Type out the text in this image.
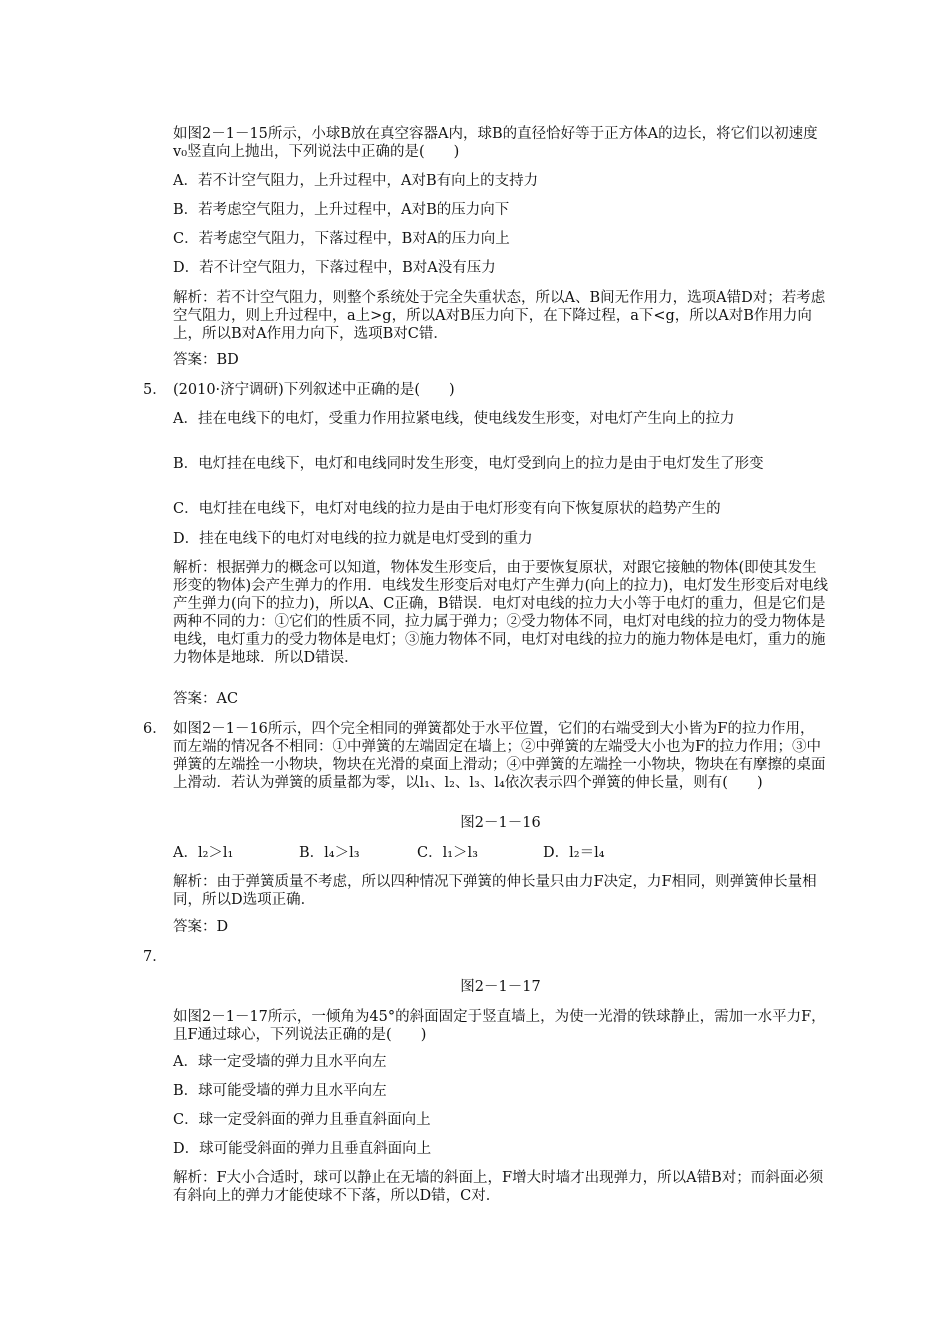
如图2－1－15所示，小球B放在真空容器A内，球B的直径恰好等于正方体A的边长，将它们以初速度v₀竖直向上抛出，下列说法中正确的是(　　)

A．若不计空气阻力，上升过程中，A对B有向上的支持力

B．若考虑空气阻力，上升过程中，A对B的压力向下

C．若考虑空气阻力，下落过程中，B对A的压力向上

D．若不计空气阻力，下落过程中，B对A没有压力

解析：若不计空气阻力，则整个系统处于完全失重状态，所以A、B间无作用力，选项A错D对；若考虑空气阻力，则上升过程中，a上>g，所以A对B压力向下，在下降过程，a下<g，所以A对B作用力向上，所以B对A作用力向下，选项B对C错．

答案：BD

5． (2010·济宁调研)下列叙述中正确的是(　　)

A．挂在电线下的电灯，受重力作用拉紧电线，使电线发生形变，对电灯产生向上的拉力

B．电灯挂在电线下，电灯和电线同时发生形变，电灯受到向上的拉力是由于电灯发生了形变

C．电灯挂在电线下，电灯对电线的拉力是由于电灯形变有向下恢复原状的趋势产生的

D．挂在电线下的电灯对电线的拉力就是电灯受到的重力

解析：根据弹力的概念可以知道，物体发生形变后，由于要恢复原状，对跟它接触的物体(即使其发生形变的物体)会产生弹力的作用．电线发生形变后对电灯产生弹力(向上的拉力)，电灯发生形变后对电线产生弹力(向下的拉力)，所以A、C正确，B错误．电灯对电线的拉力大小等于电灯的重力，但是它们是两种不同的力：①它们的性质不同，拉力属于弹力；②受力物体不同，电灯对电线的拉力的受力物体是电线，电灯重力的受力物体是电灯；③施力物体不同，电灯对电线的拉力的施力物体是电灯，重力的施力物体是地球．所以D错误．

答案：AC

6． 如图2－1－16所示，四个完全相同的弹簧都处于水平位置，它们的右端受到大小皆为F的拉力作用，而左端的情况各不相同：①中弹簧的左端固定在墙上；②中弹簧的左端受大小也为F的拉力作用；③中弹簧的左端拴一小物块，物块在光滑的桌面上滑动；④中弹簧的左端拴一小物块，物块在有摩擦的桌面上滑动．若认为弹簧的质量都为零，以l₁、l₂、l₃、l₄依次表示四个弹簧的伸长量，则有(　　)

图2－1－16

A．l₂＞l₁	B．l₄＞l₃	C．l₁＞l₃	D．l₂＝l₄

解析：由于弹簧质量不考虑，所以四种情况下弹簧的伸长量只由力F决定，力F相同，则弹簧伸长量相同，所以D选项正确．

答案：D

7．

图2－1－17

如图2－1－17所示，一倾角为45°的斜面固定于竖直墙上，为使一光滑的铁球静止，需加一水平力F，且F通过球心，下列说法正确的是(　　)

A．球一定受墙的弹力且水平向左

B．球可能受墙的弹力且水平向左

C．球一定受斜面的弹力且垂直斜面向上

D．球可能受斜面的弹力且垂直斜面向上

解析：F大小合适时，球可以静止在无墙的斜面上，F增大时墙才出现弹力，所以A错B对；而斜面必须有斜向上的弹力才能使球不下落，所以D错，C对．
